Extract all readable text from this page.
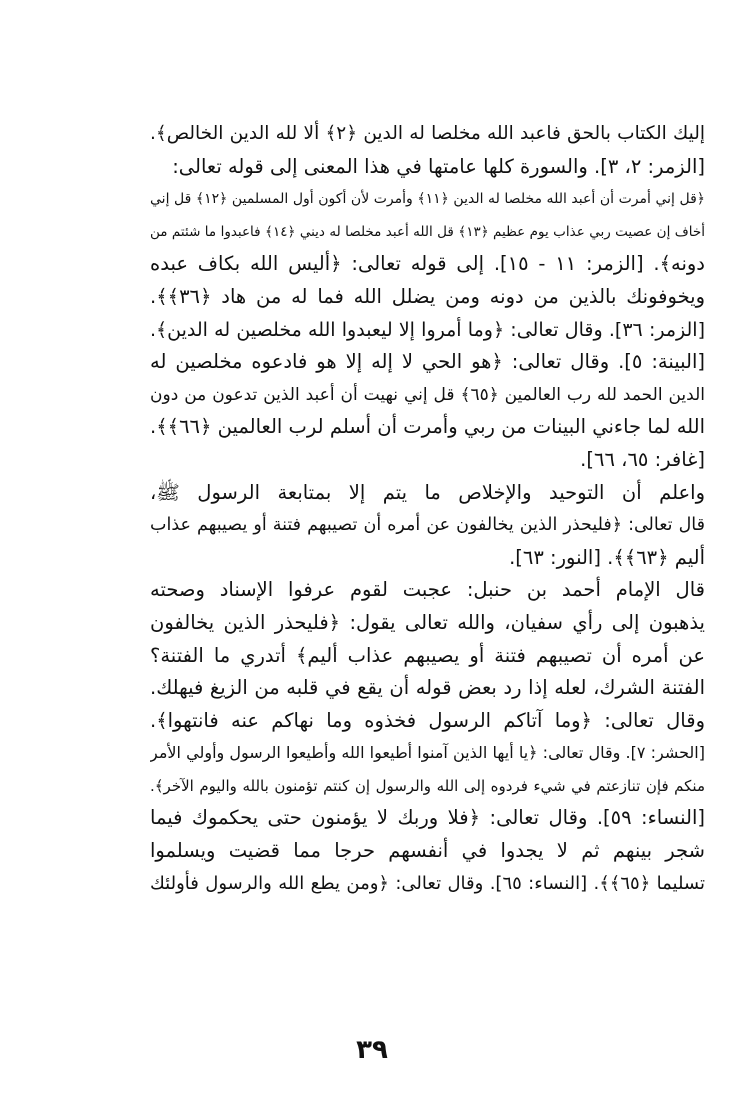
إليك الكتاب بالحق فاعبد الله مخلصا له الدين ﴿٢﴾ ألا لله الدين الخالص﴾.
[الزمر: ٢، ٣]. والسورة كلها عامتها في هذا المعنى إلى قوله تعالى:
﴿قل إني أمرت أن أعبد الله مخلصا له الدين ﴿١١﴾ وأمرت لأن أكون أول المسلمين ﴿١٢﴾ قل إني
أخاف إن عصيت ربي عذاب يوم عظيم ﴿١٣﴾ قل الله أعبد مخلصا له ديني ﴿١٤﴾ فاعبدوا ما شئتم من
دونه﴾. [الزمر: ١١ - ١٥]. إلى قوله تعالى: ﴿أليس الله بكاف عبده
ويخوفونك بالذين من دونه ومن يضلل الله فما له من هاد ﴿٣٦﴾﴾.
[الزمر: ٣٦]. وقال تعالى: ﴿وما أمروا إلا ليعبدوا الله مخلصين له الدين﴾.
[البينة: ٥]. وقال تعالى: ﴿هو الحي لا إله إلا هو فادعوه مخلصين له
الدين الحمد لله رب العالمين ﴿٦٥﴾ قل إني نهيت أن أعبد الذين تدعون من دون
الله لما جاءني البينات من ربي وأمرت أن أسلم لرب العالمين ﴿٦٦﴾﴾.
[غافر: ٦٥، ٦٦].
واعلم أن التوحيد والإخلاص ما يتم إلا بمتابعة الرسول ﷺ،
قال تعالى: ﴿فليحذر الذين يخالفون عن أمره أن تصيبهم فتنة أو يصيبهم عذاب
أليم ﴿٦٣﴾﴾. [النور: ٦٣].
قال الإمام أحمد بن حنبل: عجبت لقوم عرفوا الإسناد وصحته
يذهبون إلى رأي سفيان، والله تعالى يقول: ﴿فليحذر الذين يخالفون
عن أمره أن تصيبهم فتنة أو يصيبهم عذاب أليم﴾ أتدري ما الفتنة؟
الفتنة الشرك، لعله إذا رد بعض قوله أن يقع في قلبه من الزيغ فيهلك.
وقال تعالى: ﴿وما آتاكم الرسول فخذوه وما نهاكم عنه فانتهوا﴾.
[الحشر: ٧]. وقال تعالى: ﴿يا أيها الذين آمنوا أطيعوا الله وأطيعوا الرسول وأولي الأمر
منكم فإن تنازعتم في شيء فردوه إلى الله والرسول إن كنتم تؤمنون بالله واليوم الآخر﴾.
[النساء: ٥٩]. وقال تعالى: ﴿فلا وربك لا يؤمنون حتى يحكموك فيما
شجر بينهم ثم لا يجدوا في أنفسهم حرجا مما قضيت ويسلموا
تسليما ﴿٦٥﴾﴾. [النساء: ٦٥]. وقال تعالى: ﴿ومن يطع الله والرسول فأولئك
٣٩
